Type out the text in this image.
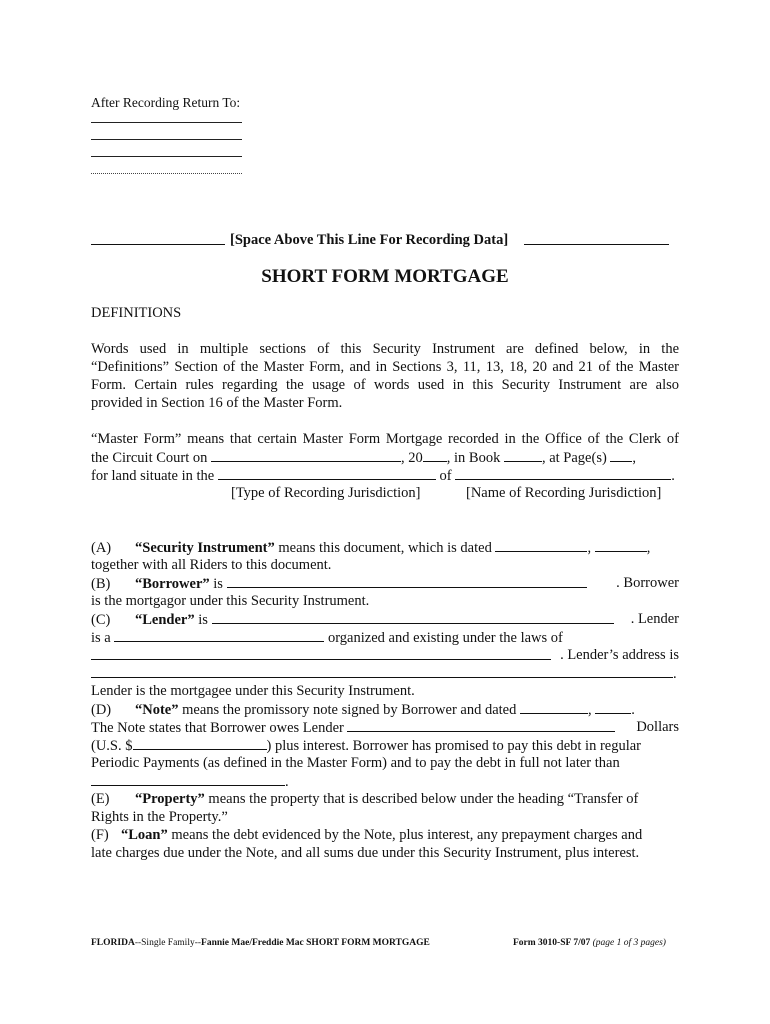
After Recording Return To:
[Space Above This Line For Recording Data]
SHORT FORM MORTGAGE
DEFINITIONS
Words used in multiple sections of this Security Instrument are defined below, in the
“Definitions” Section of the Master Form, and in Sections 3, 11, 13, 18, 20 and 21 of the Master
Form. Certain rules regarding the usage of words used in this Security Instrument are also
provided in Section 16 of the Master Form.
“Master Form” means that certain Master Form Mortgage recorded in the Office of the Clerk of
the Circuit Court on	, 20 , in Book	, at Page(s) ,
for land situate in the	of	.
[Type of Recording Jurisdiction]	[Name of Recording Jurisdiction]
(A) “Security Instrument” means this document, which is dated	,	,
together with all Riders to this document.
(B) “Borrower” is	. Borrower
is the mortgagor under this Security Instrument.
(C) “Lender” is	. Lender
is a	organized and existing under the laws of
. Lender’s address is
.
Lender is the mortgagee under this Security Instrument.
(D) “Note” means the promissory note signed by Borrower and dated	,	.
The Note states that Borrower owes Lender	Dollars
(U.S. $	) plus interest. Borrower has promised to pay this debt in regular
Periodic Payments (as defined in the Master Form) and to pay the debt in full not later than
.
(E) “Property” means the property that is described below under the heading “Transfer of
Rights in the Property.”
(F) “Loan” means the debt evidenced by the Note, plus interest, any prepayment charges and
late charges due under the Note, and all sums due under this Security Instrument, plus interest.
FLORIDA--Single Family--Fannie Mae/Freddie Mac SHORT FORM MORTGAGE	Form 3010-SF 7/07 (page 1 of 3 pages)
